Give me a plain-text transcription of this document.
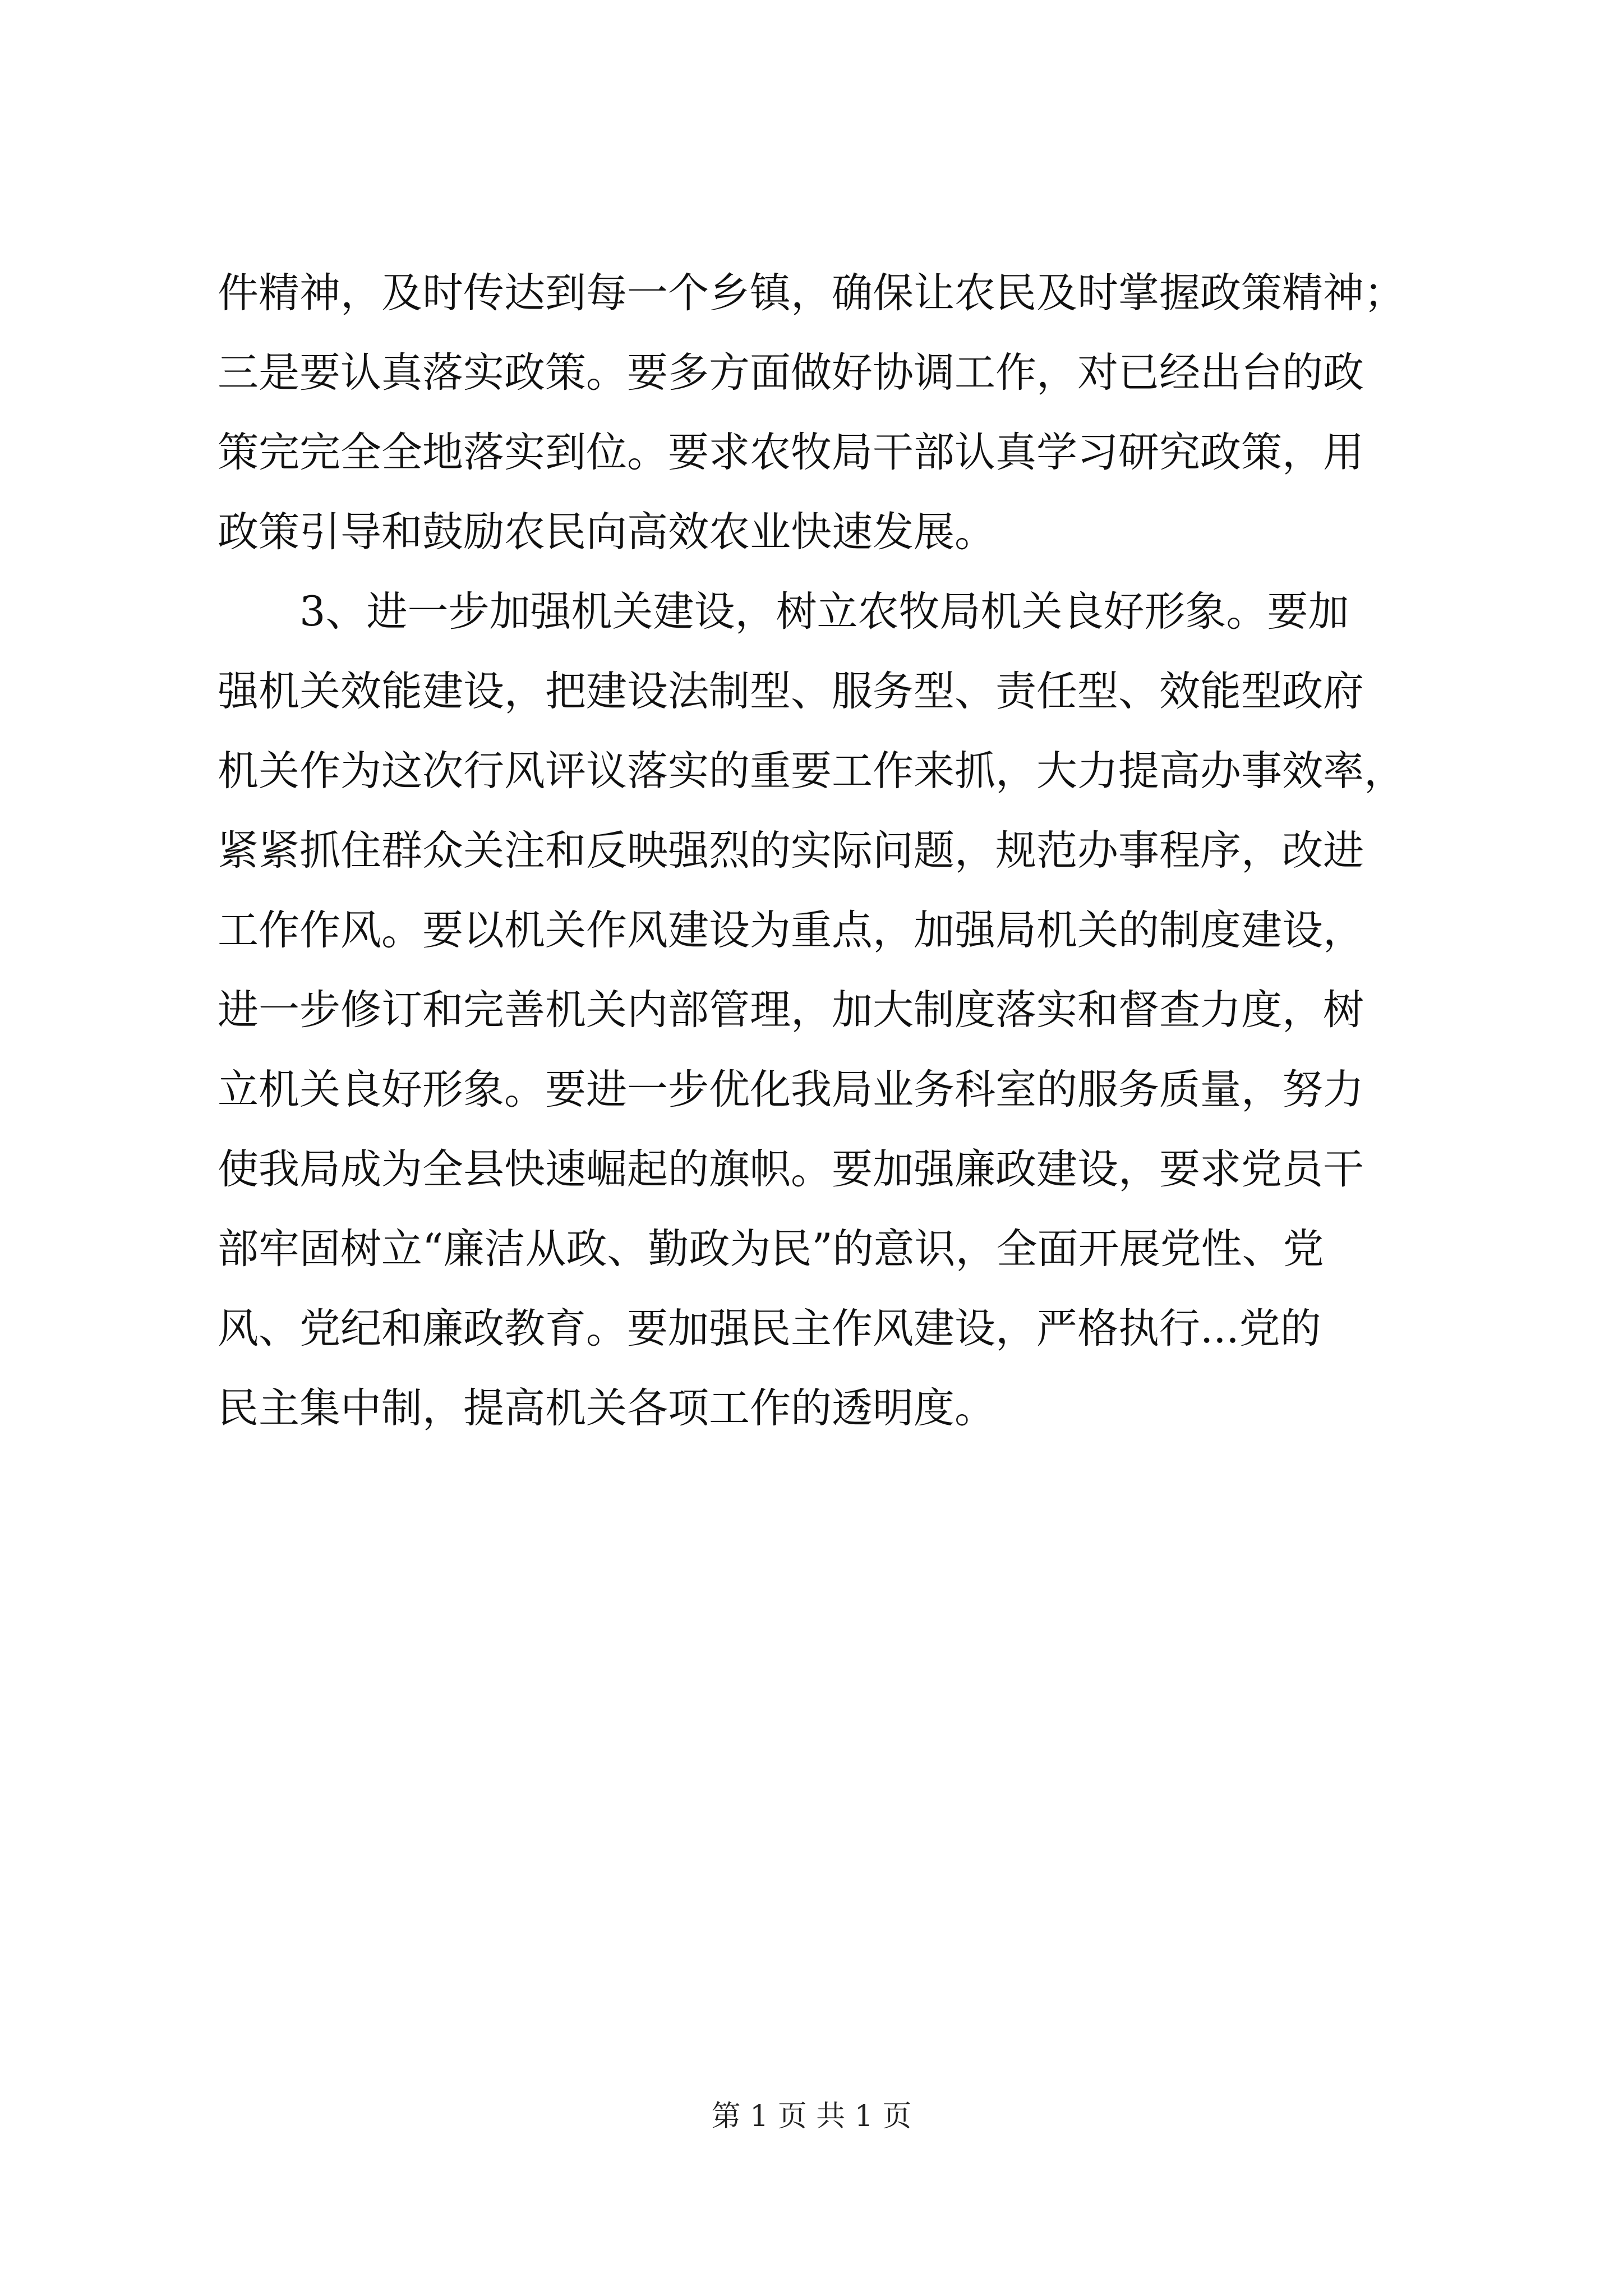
件精神，及时传达到每一个乡镇，确保让农民及时掌握政策精神；
三是要认真落实政策。要多方面做好协调工作，对已经出台的政
策完完全全地落实到位。要求农牧局干部认真学习研究政策，用
政策引导和鼓励农民向高效农业快速发展。
3、进一步加强机关建设，树立农牧局机关良好形象。要加
强机关效能建设，把建设法制型、服务型、责任型、效能型政府
机关作为这次行风评议落实的重要工作来抓，大力提高办事效率，
紧紧抓住群众关注和反映强烈的实际问题，规范办事程序，改进
工作作风。要以机关作风建设为重点，加强局机关的制度建设，
进一步修订和完善机关内部管理，加大制度落实和督查力度，树
立机关良好形象。要进一步优化我局业务科室的服务质量，努力
使我局成为全县快速崛起的旗帜。要加强廉政建设，要求党员干
部牢固树立“廉洁从政、勤政为民”的意识，全面开展党性、党
风、党纪和廉政教育。要加强民主作风建设，严格执行...党的
民主集中制，提高机关各项工作的透明度。
第 1 页 共 1 页
